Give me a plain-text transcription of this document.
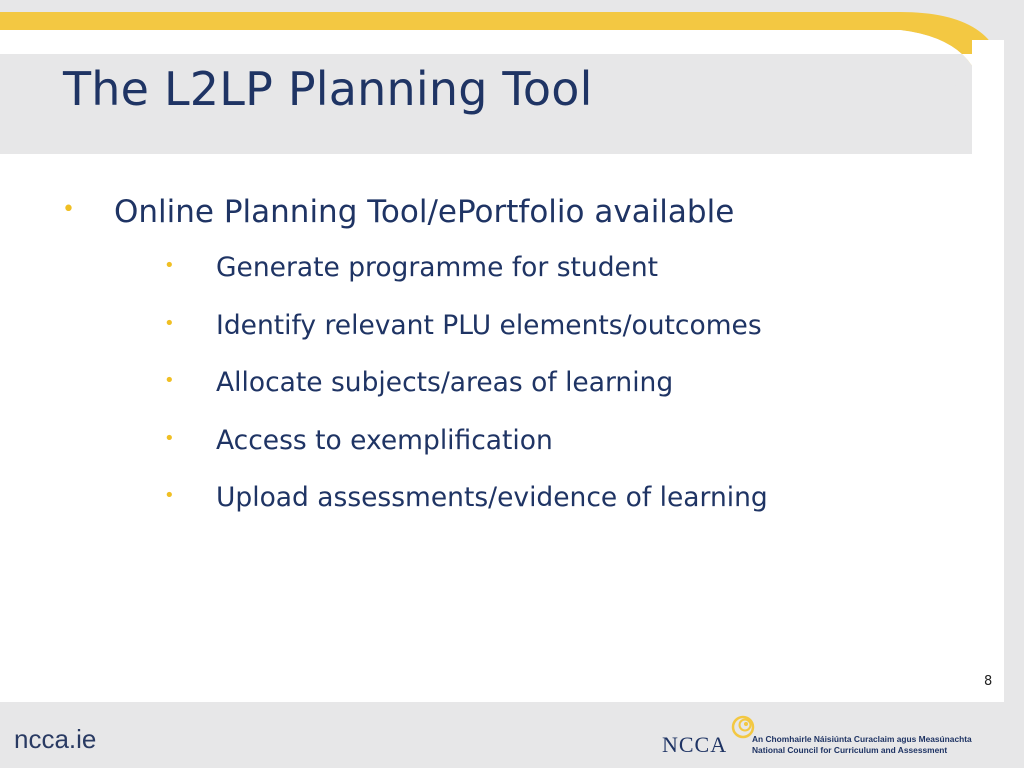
The L2LP Planning Tool
• Online Planning Tool/ePortfolio available
• Generate programme for student
• Identify relevant PLU elements/outcomes
• Allocate subjects/areas of learning
• Access to exemplification
• Upload assessments/evidence of learning
8
ncca.ie	NCCA	An Chomhairle Náisiúnta Curaclaim agus Measúnachta
National Council for Curriculum and Assessment
